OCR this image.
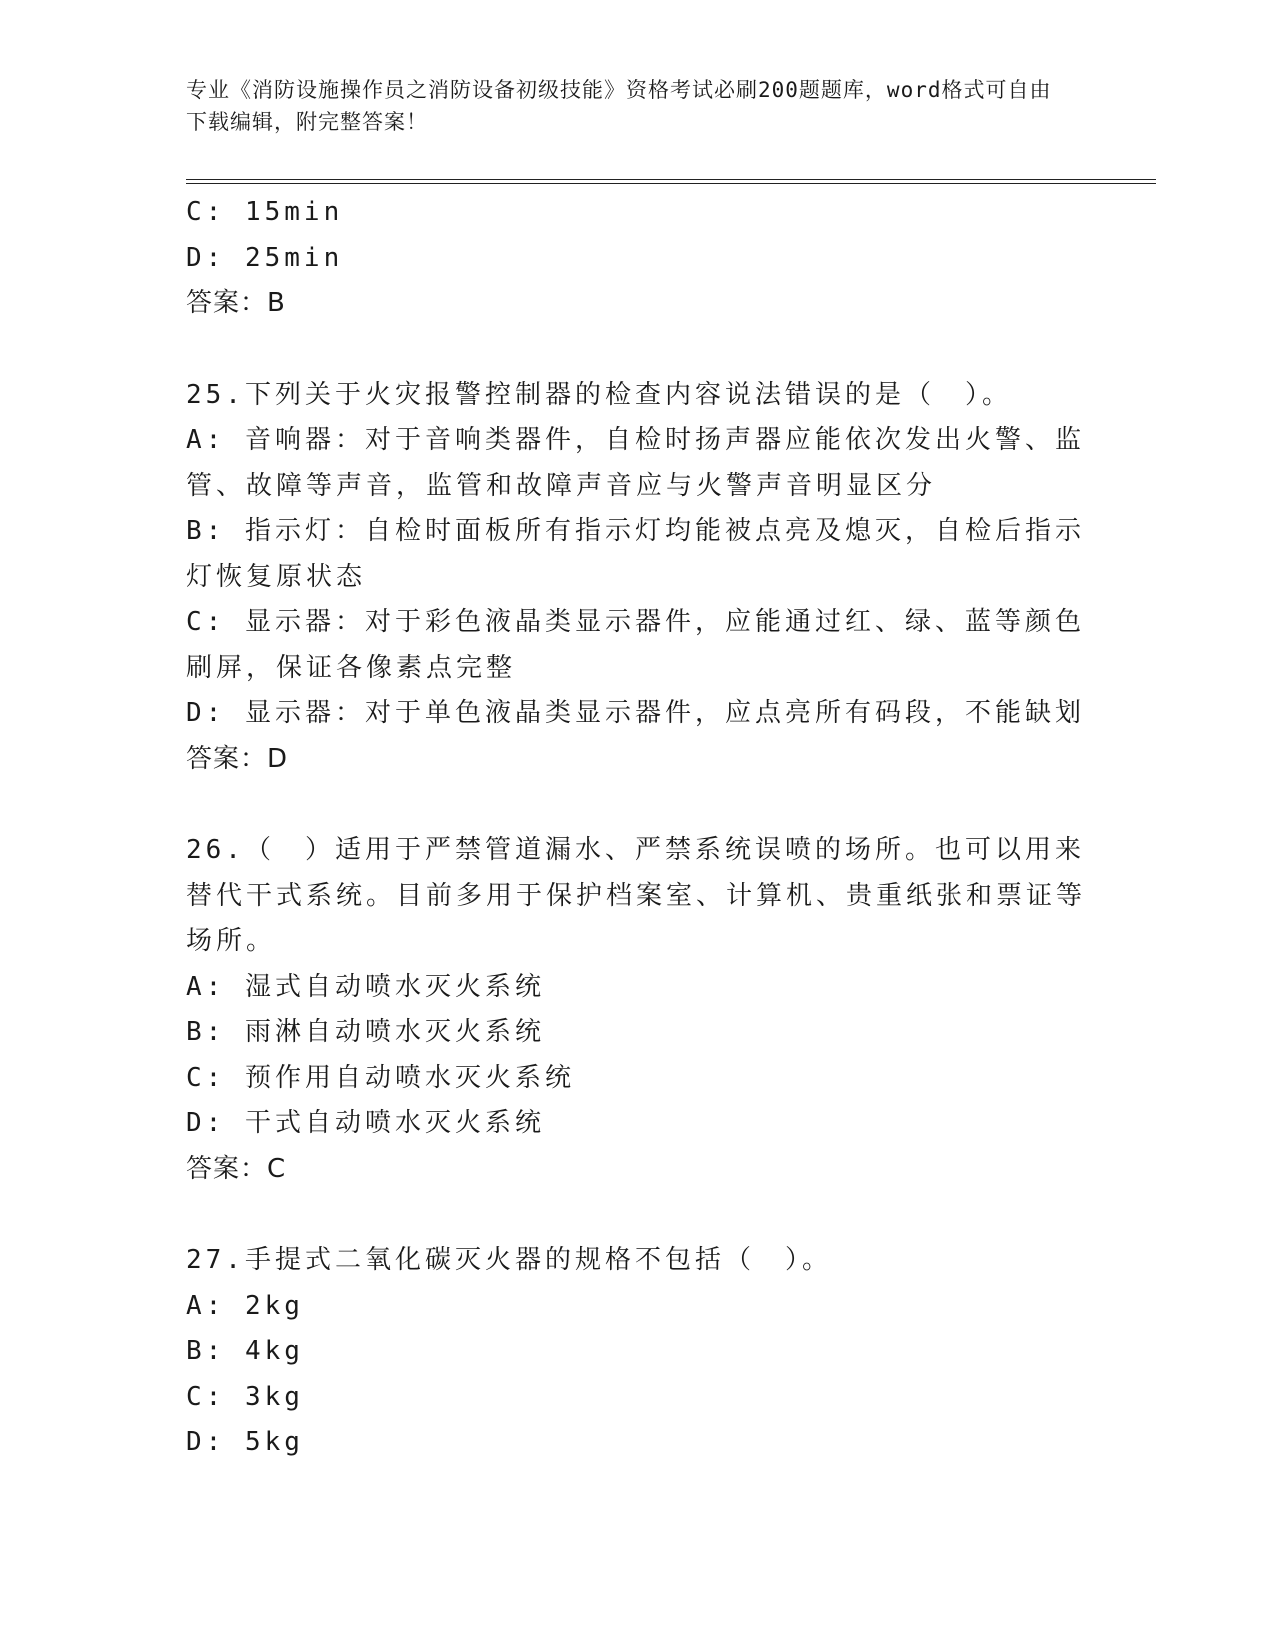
专业《消防设施操作员之消防设备初级技能》资格考试必刷200题题库，word格式可自由下载编辑，附完整答案！
C: 15min
D: 25min
答案：B
25.下列关于火灾报警控制器的检查内容说法错误的是（　）。
A: 音响器：对于音响类器件，自检时扬声器应能依次发出火警、监管、故障等声音，监管和故障声音应与火警声音明显区分
B: 指示灯：自检时面板所有指示灯均能被点亮及熄灭，自检后指示灯恢复原状态
C: 显示器：对于彩色液晶类显示器件，应能通过红、绿、蓝等颜色刷屏，保证各像素点完整
D: 显示器：对于单色液晶类显示器件，应点亮所有码段，不能缺划
答案：D
26.（　）适用于严禁管道漏水、严禁系统误喷的场所。也可以用来替代干式系统。目前多用于保护档案室、计算机、贵重纸张和票证等场所。
A: 湿式自动喷水灭火系统
B: 雨淋自动喷水灭火系统
C: 预作用自动喷水灭火系统
D: 干式自动喷水灭火系统
答案：C
27.手提式二氧化碳灭火器的规格不包括（　）。
A: 2kg
B: 4kg
C: 3kg
D: 5kg
